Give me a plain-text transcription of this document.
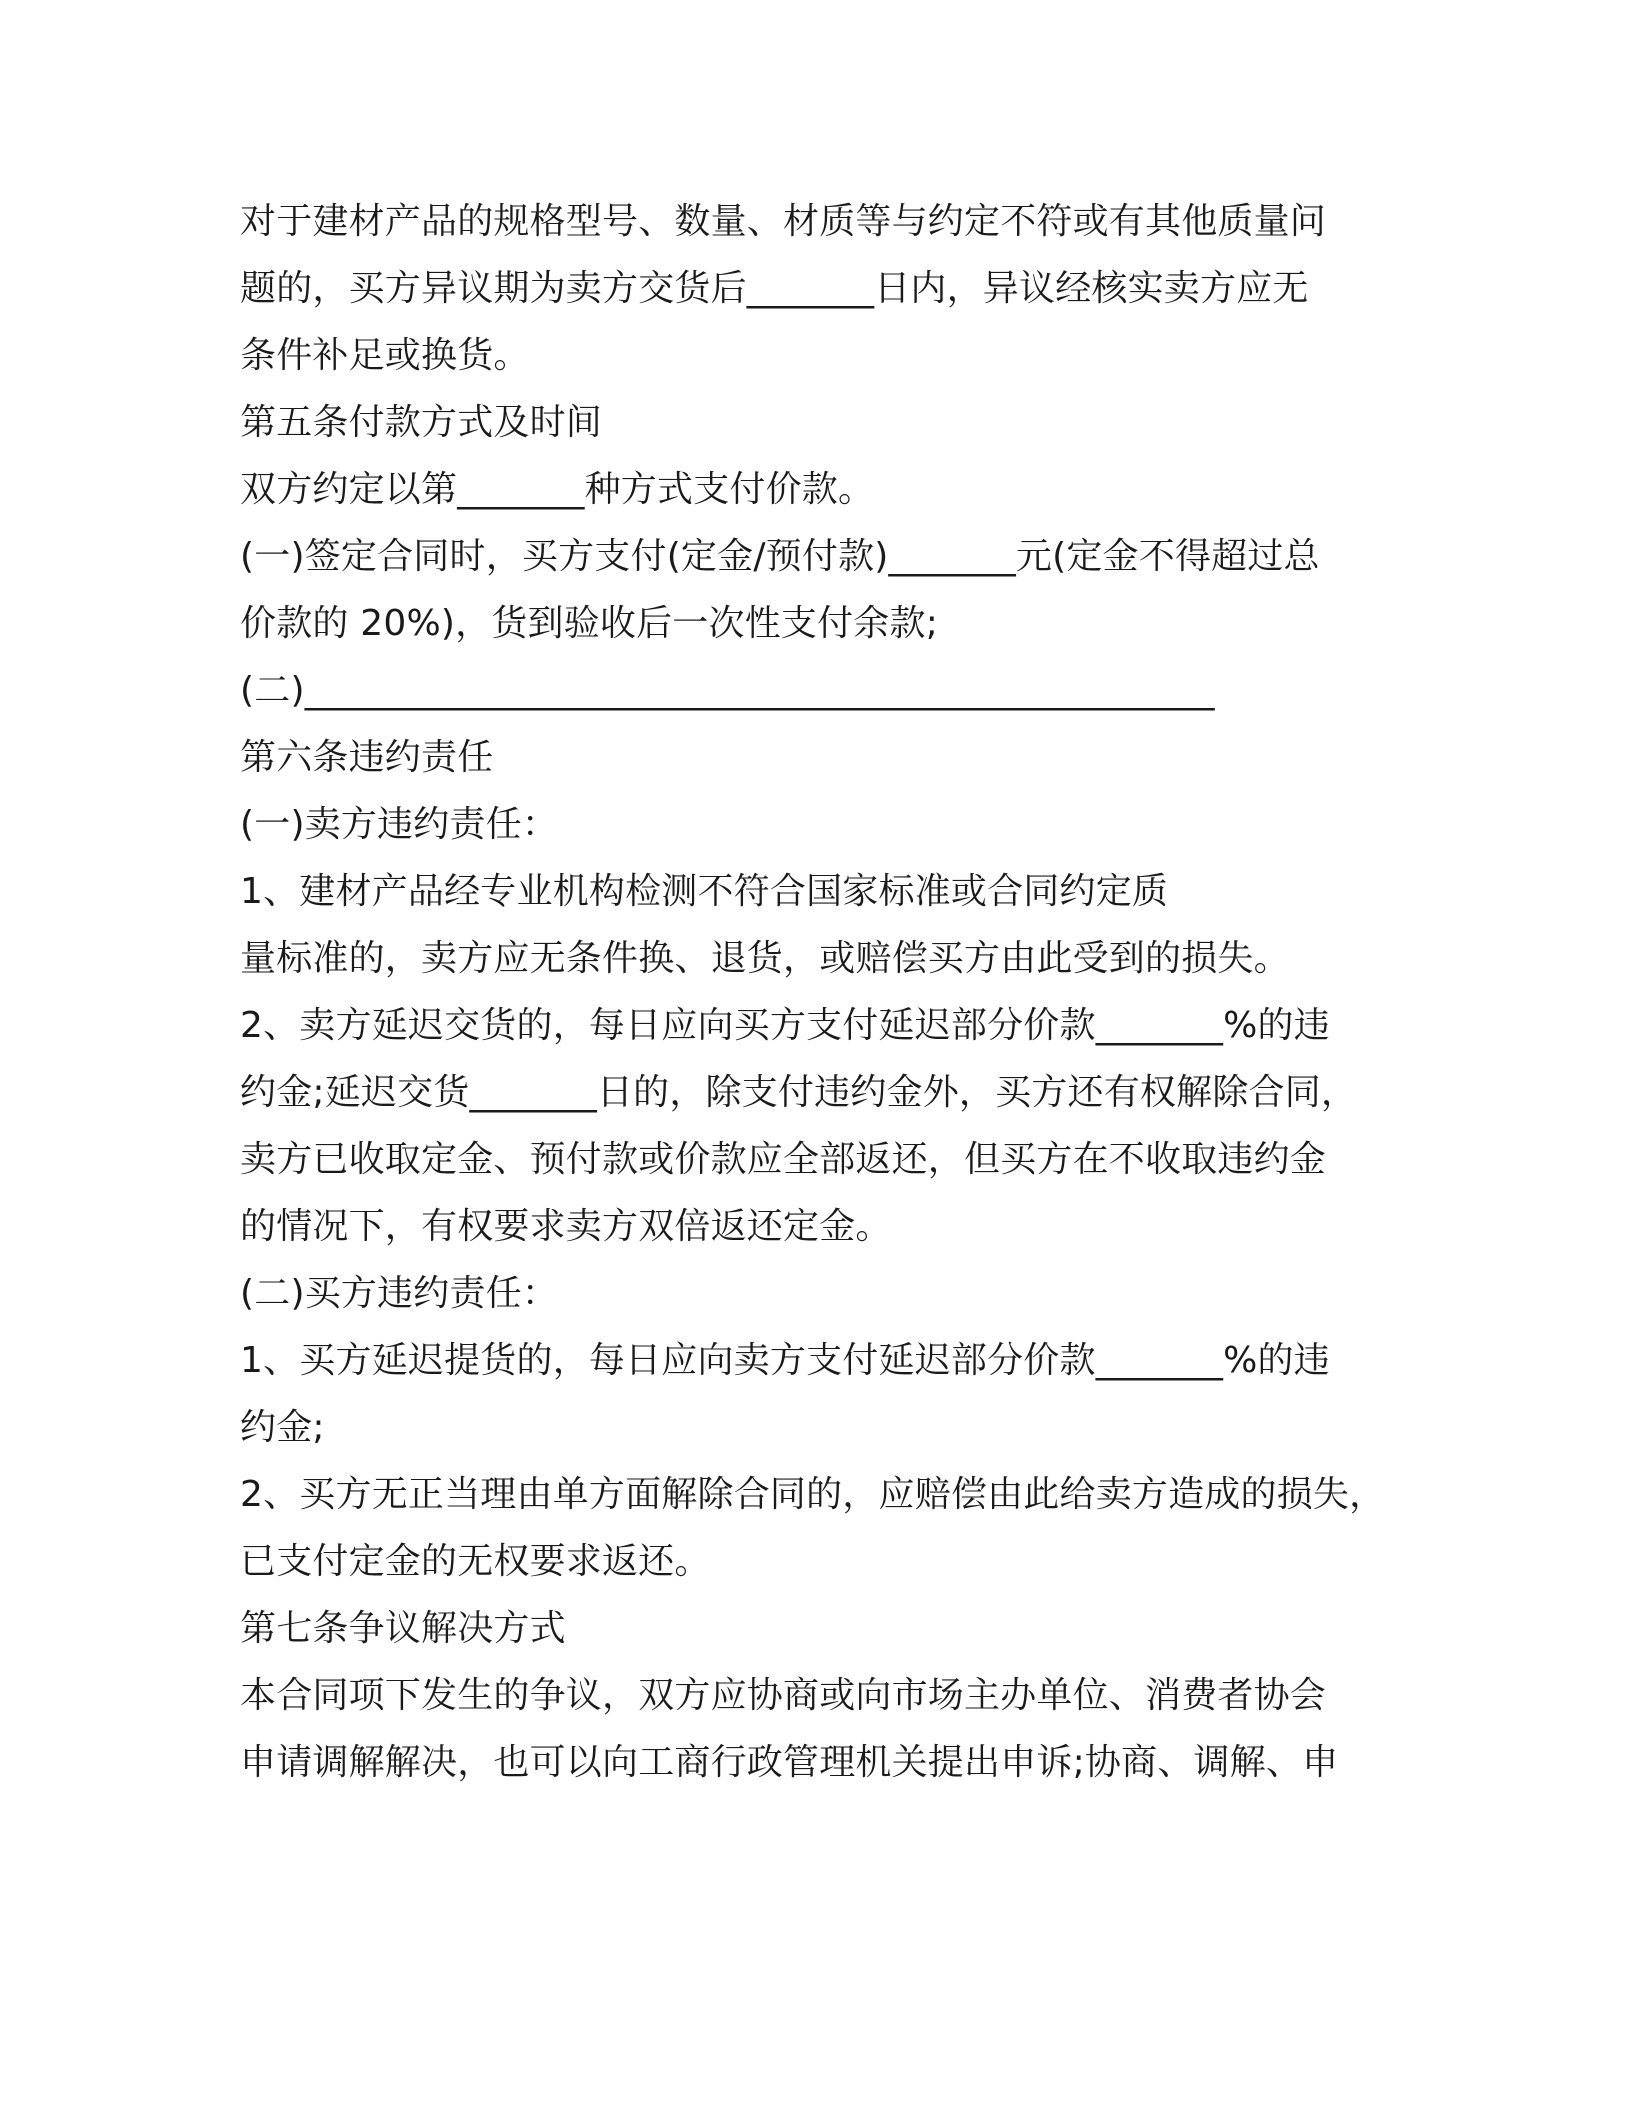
对于建材产品的规格型号、数量、材质等与约定不符或有其他质量问
题的，买方异议期为卖方交货后_______日内，异议经核实卖方应无
条件补足或换货。
第五条付款方式及时间
双方约定以第_______种方式支付价款。
(一)签定合同时，买方支付(定金/预付款)_______元(定金不得超过总
价款的 20%)，货到验收后一次性支付余款;
(二)__________________________________________________
第六条违约责任
(一)卖方违约责任：
1、建材产品经专业机构检测不符合国家标准或合同约定质
量标准的，卖方应无条件换、退货，或赔偿买方由此受到的损失。
2、卖方延迟交货的，每日应向买方支付延迟部分价款_______%的违
约金;延迟交货_______日的，除支付违约金外，买方还有权解除合同，
卖方已收取定金、预付款或价款应全部返还，但买方在不收取违约金
的情况下，有权要求卖方双倍返还定金。
(二)买方违约责任：
1、买方延迟提货的，每日应向卖方支付延迟部分价款_______%的违
约金;
2、买方无正当理由单方面解除合同的，应赔偿由此给卖方造成的损失，
已支付定金的无权要求返还。
第七条争议解决方式
本合同项下发生的争议，双方应协商或向市场主办单位、消费者协会
申请调解解决，也可以向工商行政管理机关提出申诉;协商、调解、申
